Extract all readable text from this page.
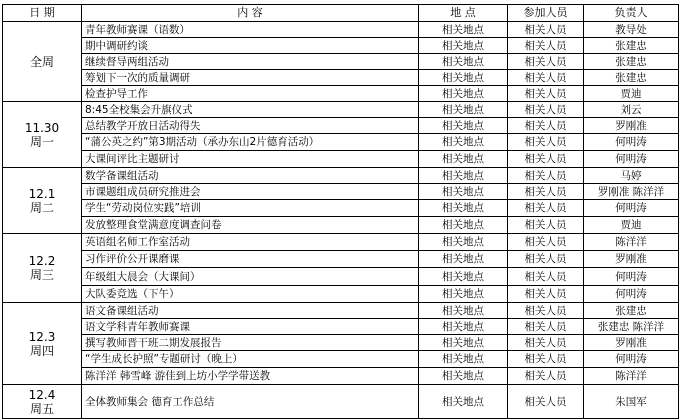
日 期	内 容	地 点	参加人员	负责人

全周	青年教师赛课（语数）	相关地点	相关人员	教导处
	期中调研约谈	相关地点	相关人员	张建忠
	继续督导两组活动	相关地点	相关人员	张建忠
	筹划下一次的质量调研	相关地点	相关人员	张建忠
	检查护导工作	相关地点	相关人员	贾迪

11.30
周一	8:45全校集会升旗仪式	相关地点	相关人员	刘云
	总结教学开放日活动得失	相关地点	相关人员	罗刚准
	“蒲公英之约”第3期活动（承办东山2片德育活动）	相关地点	相关人员	何明涛
	大课间评比主题研讨	相关地点	相关人员	何明涛

12.1
周二	数学备课组活动	相关地点	相关人员	马婷
	市课题组成员研究推进会	相关地点	相关人员	罗刚准 陈洋洋
	学生“劳动岗位实践”培训	相关地点	相关人员	何明涛
	发放整理食堂满意度调查问卷	相关地点	相关人员	贾迪

12.2
周三	英语组名师工作室活动	相关地点	相关人员	陈洋洋
	习作评价公开课磨课	相关地点	相关人员	罗刚准
	年级组大晨会（大课间）	相关地点	相关人员	何明涛
	大队委竞选（下午）	相关地点	相关人员	何明涛

12.3
周四	语文备课组活动	相关地点	相关人员	张建忠
	语文学科青年教师赛课	相关地点	相关人员	张建忠 陈洋洋
	撰写教师晋干班二期发展报告	相关地点	相关人员	罗刚准
	“学生成长护照”专题研讨（晚上）	相关地点	相关人员	何明涛
	陈洋洋 韩雪峰 游佳到上坊小学学带送教	相关地点	相关人员	陈洋洋

12.4
周五	全体教师集会 德育工作总结	相关地点	相关人员	朱国军
